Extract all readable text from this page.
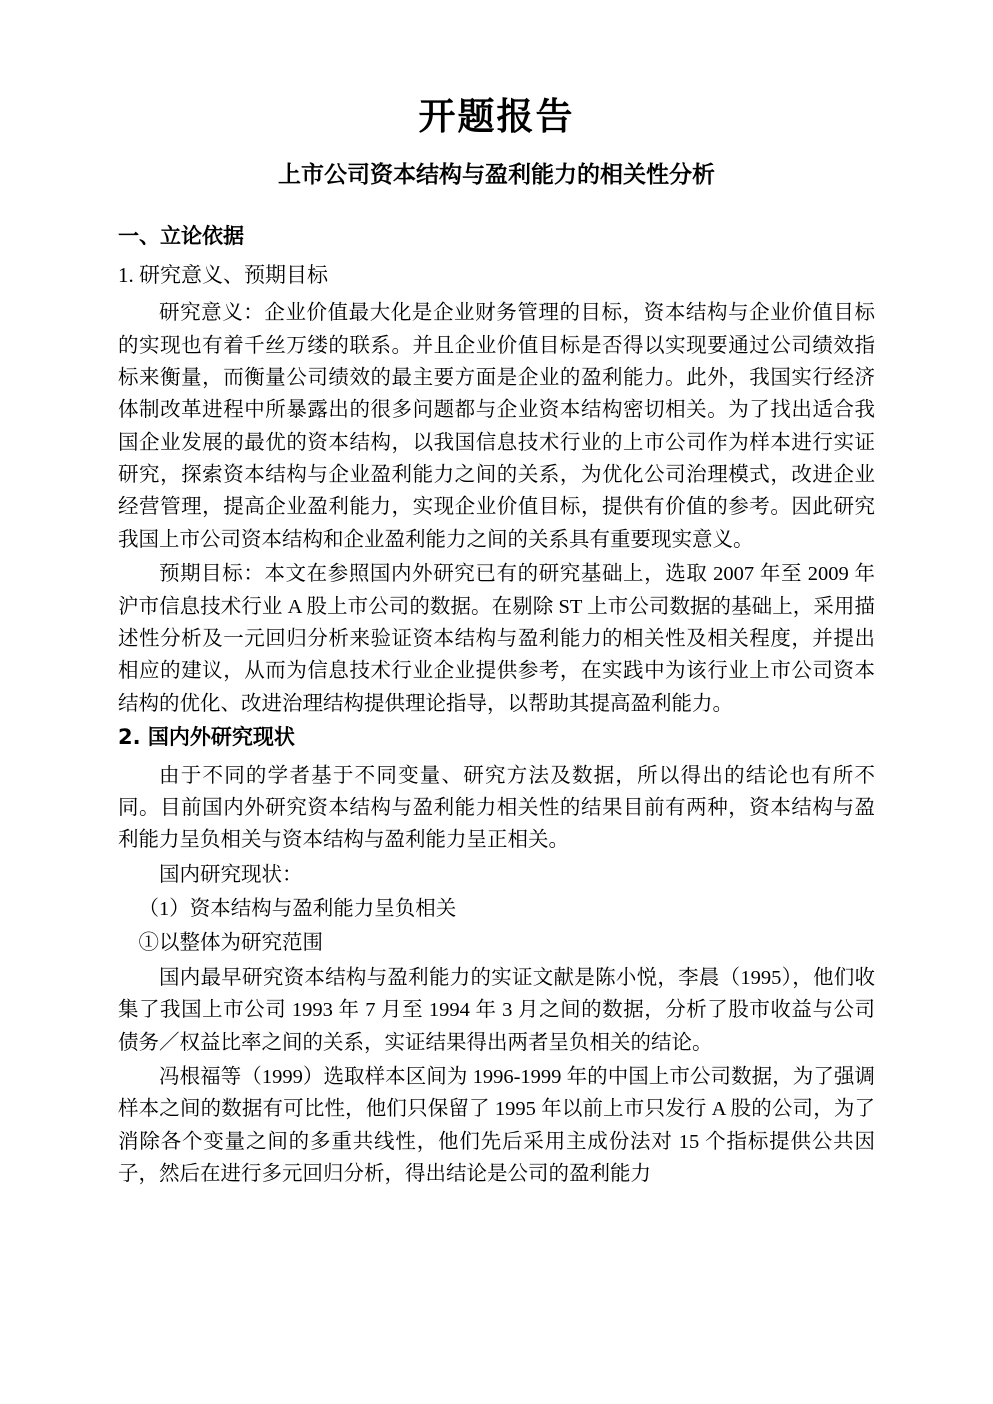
开题报告
上市公司资本结构与盈利能力的相关性分析
一、立论依据
1. 研究意义、预期目标

研究意义：企业价值最大化是企业财务管理的目标，资本结构与企业价值目标的实现也有着千丝万缕的联系。并且企业价值目标是否得以实现要通过公司绩效指标来衡量，而衡量公司绩效的最主要方面是企业的盈利能力。此外，我国实行经济体制改革进程中所暴露出的很多问题都与企业资本结构密切相关。为了找出适合我国企业发展的最优的资本结构，以我国信息技术行业的上市公司作为样本进行实证研究，探索资本结构与企业盈利能力之间的关系，为优化公司治理模式，改进企业经营管理，提高企业盈利能力，实现企业价值目标，提供有价值的参考。因此研究我国上市公司资本结构和企业盈利能力之间的关系具有重要现实意义。

预期目标：本文在参照国内外研究已有的研究基础上，选取 2007 年至 2009 年沪市信息技术行业 A 股上市公司的数据。在剔除 ST 上市公司数据的基础上，采用描述性分析及一元回归分析来验证资本结构与盈利能力的相关性及相关程度，并提出相应的建议，从而为信息技术行业企业提供参考，在实践中为该行业上市公司资本结构的优化、改进治理结构提供理论指导，以帮助其提高盈利能力。

2. 国内外研究现状

由于不同的学者基于不同变量、研究方法及数据，所以得出的结论也有所不同。目前国内外研究资本结构与盈利能力相关性的结果目前有两种，资本结构与盈利能力呈负相关与资本结构与盈利能力呈正相关。

国内研究现状：

（1）资本结构与盈利能力呈负相关

①以整体为研究范围

国内最早研究资本结构与盈利能力的实证文献是陈小悦，李晨（1995），他们收集了我国上市公司 1993 年 7 月至 1994 年 3 月之间的数据，分析了股市收益与公司债务／权益比率之间的关系，实证结果得出两者呈负相关的结论。

冯根福等（1999）选取样本区间为 1996-1999 年的中国上市公司数据，为了强调样本之间的数据有可比性，他们只保留了 1995 年以前上市只发行 A 股的公司，为了消除各个变量之间的多重共线性，他们先后采用主成份法对 15 个指标提供公共因子，然后在进行多元回归分析，得出结论是公司的盈利能力
